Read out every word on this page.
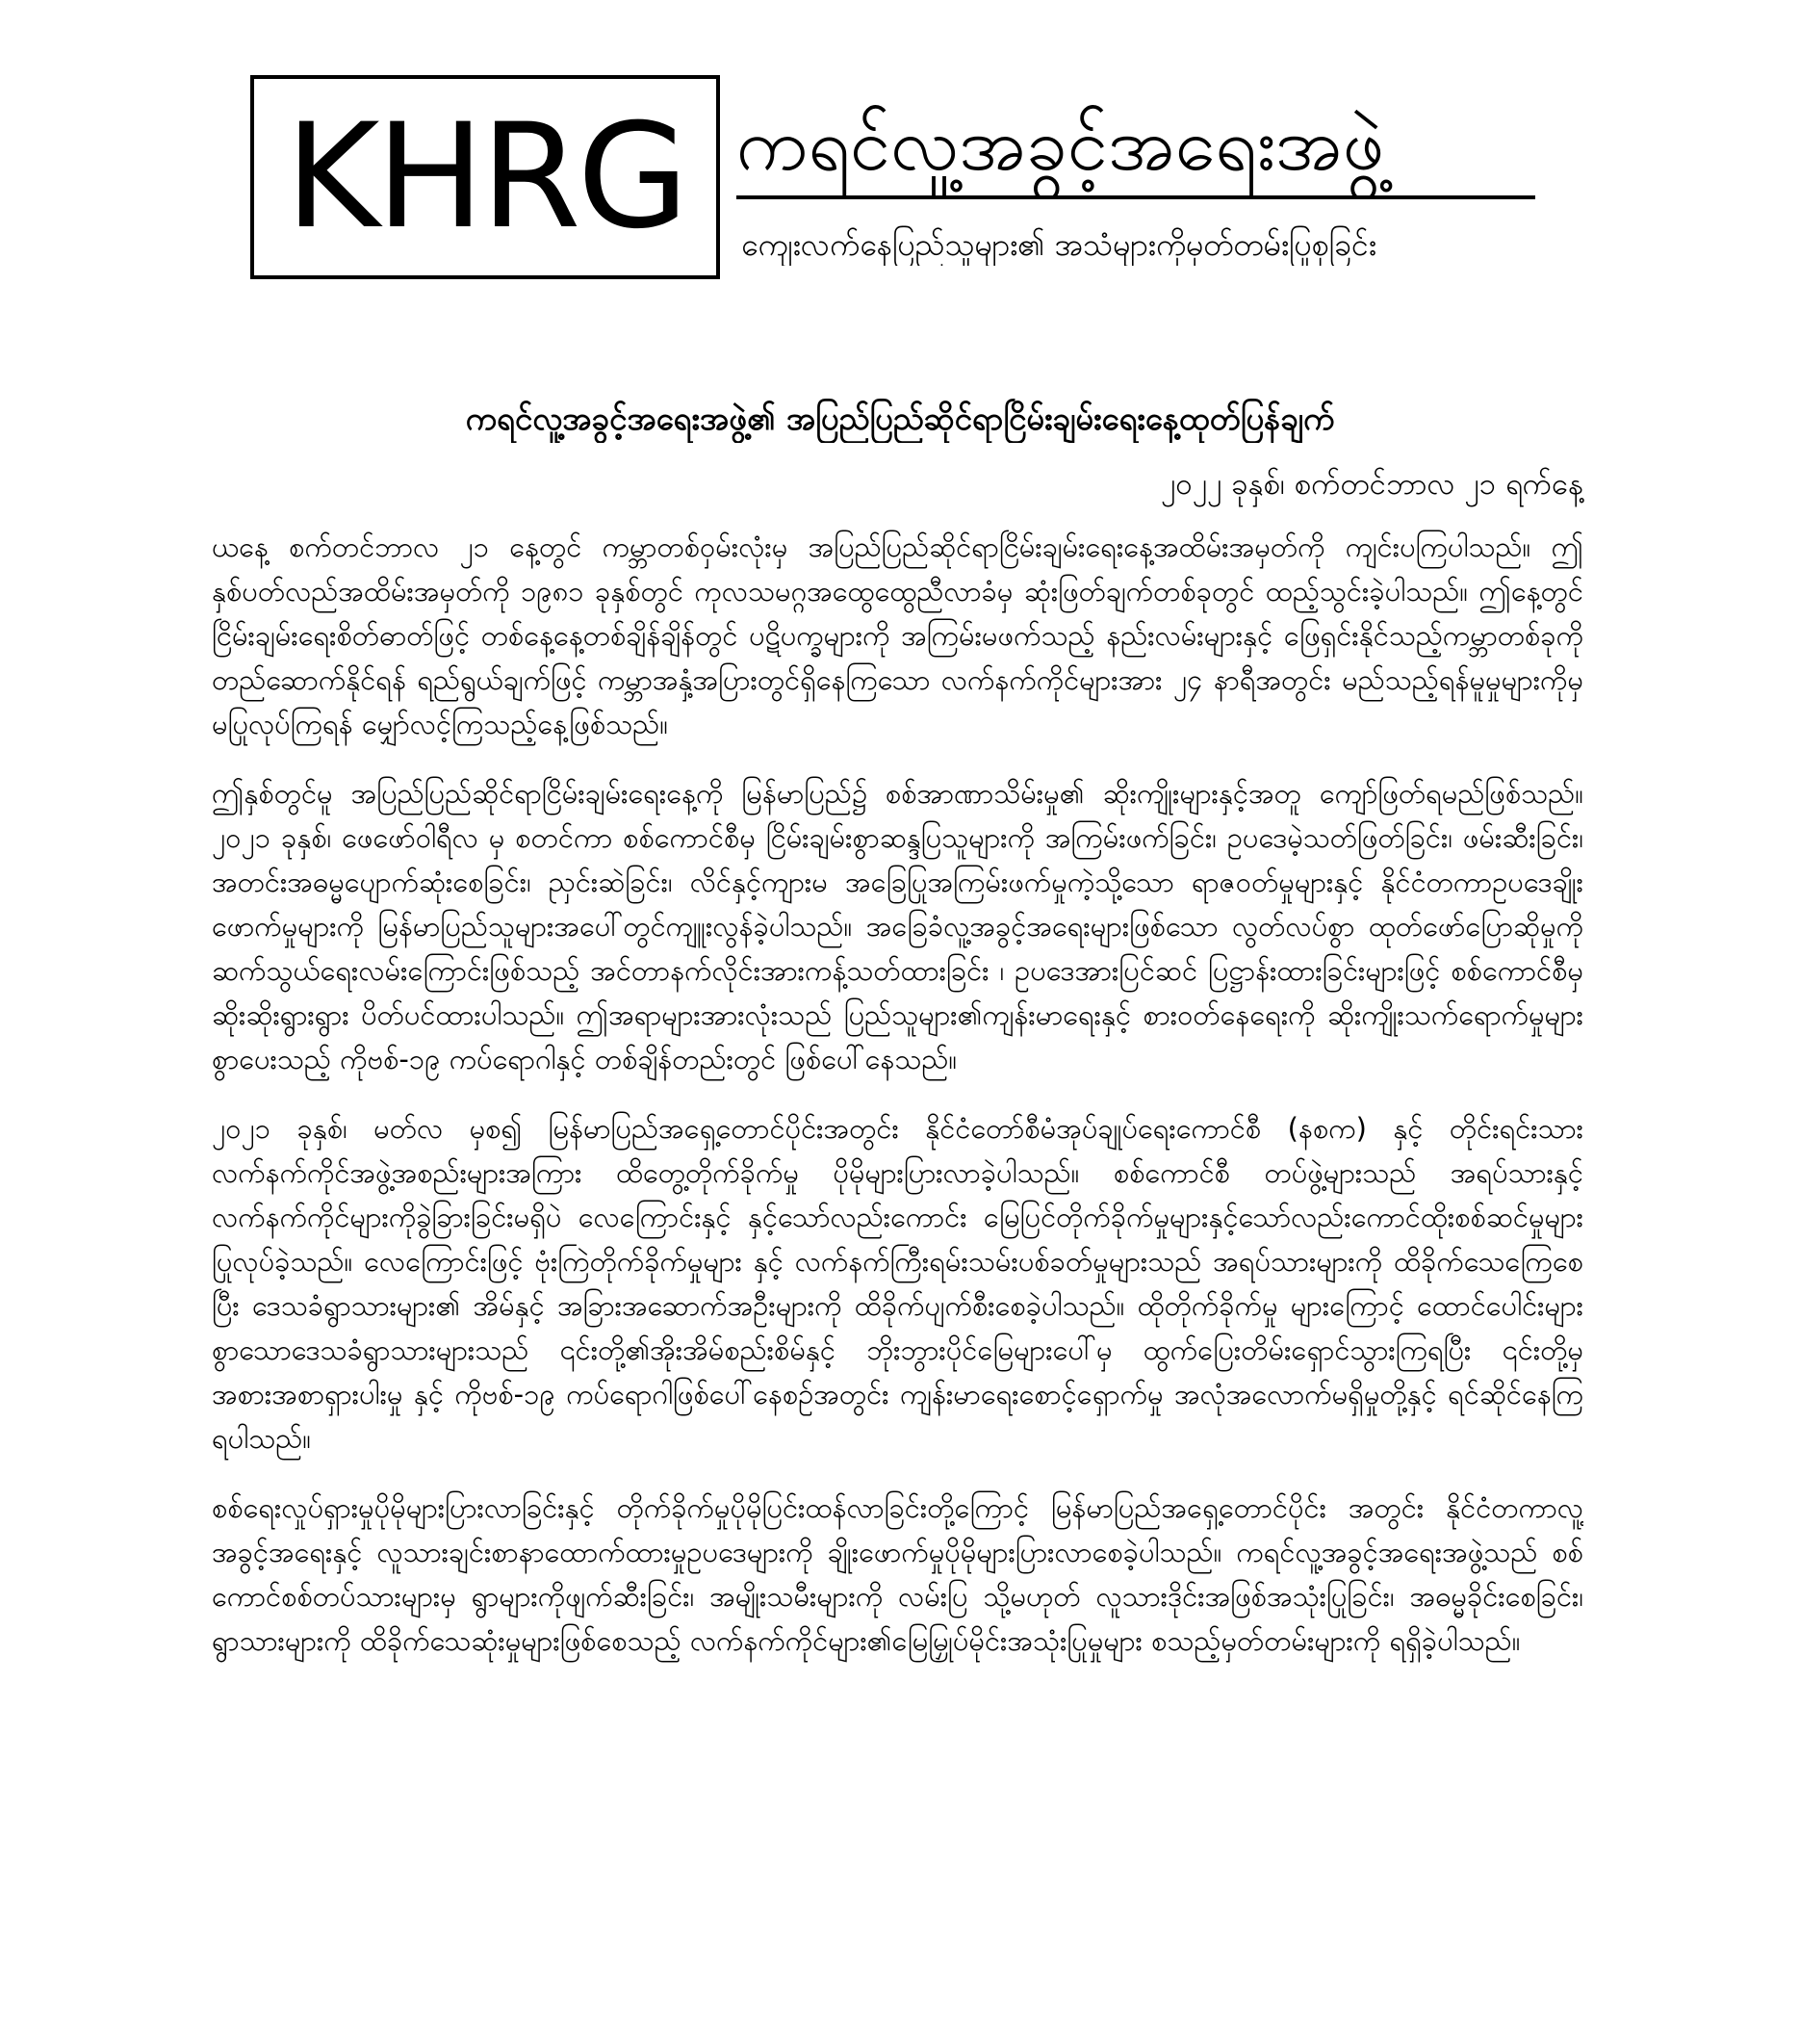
KHRG ကရင်လူ့အခွင့်အရေးအဖွဲ့
ကျေးလက်နေပြည်သူများ၏ အသံများကိုမှတ်တမ်းပြုစုခြင်း
ကရင်လူ့အခွင့်အရေးအဖွဲ့၏ အပြည်ပြည်ဆိုင်ရာငြိမ်းချမ်းရေးနေ့ထုတ်ပြန်ချက်
၂၀၂၂ ခုနှစ်၊ စက်တင်ဘာလ ၂၁ ရက်နေ့

ယနေ့ စက်တင်ဘာလ ၂၁ နေ့တွင် ကမ္ဘာတစ်ဝှမ်းလုံးမှ အပြည်ပြည်ဆိုင်ရာငြိမ်းချမ်းရေးနေ့အထိမ်းအမှတ်ကို ကျင်းပကြပါသည်။ ဤနှစ်ပတ်လည်အထိမ်းအမှတ်ကို ၁၉၈၁ ခုနှစ်တွင် ကုလသမဂ္ဂအထွေထွေညီလာခံမှ ဆုံးဖြတ်ချက်တစ်ခုတွင် ထည့်သွင်းခဲ့ပါသည်။ ဤနေ့တွင် ငြိမ်းချမ်းရေးစိတ်ဓာတ်ဖြင့် တစ်နေ့နေ့တစ်ချိန်ချိန်တွင် ပဋိပက္ခများကို အကြမ်းမဖက်သည့် နည်းလမ်းများနှင့် ဖြေရှင်းနိုင်သည့်ကမ္ဘာတစ်ခုကို တည်ဆောက်နိုင်ရန် ရည်ရွယ်ချက်ဖြင့် ကမ္ဘာအနှံ့အပြားတွင်ရှိနေကြသော လက်နက်ကိုင်များအား ၂၄ နာရီအတွင်း မည်သည့်ရန်မူမှုများကိုမှ မပြုလုပ်ကြရန် မျှော်လင့်ကြသည့်နေ့ဖြစ်သည်။

ဤနှစ်တွင်မူ အပြည်ပြည်ဆိုင်ရာငြိမ်းချမ်းရေးနေ့ကို မြန်မာပြည်၌ စစ်အာဏာသိမ်းမှု၏ ဆိုးကျိုးများနှင့်အတူ ကျော်ဖြတ်ရမည်ဖြစ်သည်။ ၂၀၂၁ ခုနှစ်၊ ဖေဖော်ဝါရီလ မှ စတင်ကာ စစ်ကောင်စီမှ ငြိမ်းချမ်းစွာဆန္ဒပြသူများကို အကြမ်းဖက်ခြင်း၊ ဥပဒေမဲ့သတ်ဖြတ်ခြင်း၊ ဖမ်းဆီးခြင်း၊ အတင်းအဓမ္မပျောက်ဆုံးစေခြင်း၊ ညှင်းဆဲခြင်း၊ လိင်နှင့်ကျားမ အခြေပြုအကြမ်းဖက်မှုကဲ့သို့သော ရာဇဝတ်မှုများနှင့် နိုင်ငံတကာဥပဒေချိုးဖောက်မှုများကို မြန်မာပြည်သူများအပေါ်တွင်ကျူးလွန်ခဲ့ပါသည်။ အခြေခံလူ့အခွင့်အရေးများဖြစ်သော လွတ်လပ်စွာ ထုတ်ဖော်ပြောဆိုမှုကို ဆက်သွယ်ရေးလမ်းကြောင်းဖြစ်သည့် အင်တာနက်လိုင်းအားကန့်သတ်ထားခြင်း ၊ ဥပဒေအားပြင်ဆင် ပြဋ္ဌာန်းထားခြင်းများဖြင့် စစ်ကောင်စီမှ ဆိုးဆိုးရွားရွား ပိတ်ပင်ထားပါသည်။ ဤအရာများအားလုံးသည် ပြည်သူများ၏ကျန်းမာရေးနှင့် စားဝတ်နေရေးကို ဆိုးကျိုးသက်ရောက်မှုများ စွာပေးသည့် ကိုဗစ်-၁၉ ကပ်ရောဂါနှင့် တစ်ချိန်တည်းတွင် ဖြစ်ပေါ်နေသည်။

၂၀၂၁ ခုနှစ်၊ မတ်လ မှစ၍ မြန်မာပြည်အရှေ့တောင်ပိုင်းအတွင်း နိုင်ငံတော်စီမံအုပ်ချုပ်ရေးကောင်စီ (နစက) နှင့် တိုင်းရင်းသား လက်နက်ကိုင်အဖွဲ့အစည်းများအကြား ထိတွေ့တိုက်ခိုက်မှု ပိုမိုများပြားလာခဲ့ပါသည်။ စစ်ကောင်စီ တပ်ဖွဲ့များသည် အရပ်သားနှင့် လက်နက်ကိုင်များကိုခွဲခြားခြင်းမရှိပဲ လေကြောင်းနှင့် နှင့်သော်လည်းကောင်း မြေပြင်တိုက်ခိုက်မှုများနှင့်သော်လည်းကောင်ထိုးစစ်ဆင်မှုများ ပြုလုပ်ခဲ့သည်။ လေကြောင်းဖြင့် ဗုံးကြဲတိုက်ခိုက်မှုများ နှင့် လက်နက်ကြီးရမ်းသမ်းပစ်ခတ်မှုများသည် အရပ်သားများကို ထိခိုက်သေကြေစေပြီး ဒေသခံရွာသားများ၏ အိမ်နှင့် အခြားအဆောက်အဦးများကို ထိခိုက်ပျက်စီးစေခဲ့ပါသည်။ ထိုတိုက်ခိုက်မှု များကြောင့် ထောင်ပေါင်းများစွာသောဒေသခံရွာသားများသည် ၎င်းတို့၏အိုးအိမ်စည်းစိမ်နှင့် ဘိုးဘွားပိုင်မြေများပေါ်မှ ထွက်ပြေးတိမ်းရှောင်သွားကြရပြီး ၎င်းတို့မှ အစားအစာရှားပါးမှု နှင့် ကိုဗစ်-၁၉ ကပ်ရောဂါဖြစ်ပေါ်နေစဉ်အတွင်း ကျန်းမာရေးစောင့်ရှောက်မှု အလုံအလောက်မရှိမှုတို့နှင့် ရင်ဆိုင်နေကြရပါသည်။

စစ်ရေးလှုပ်ရှားမှုပိုမိုများပြားလာခြင်းနှင့် တိုက်ခိုက်မှုပိုမိုပြင်းထန်လာခြင်းတို့ကြောင့် မြန်မာပြည်အရှေ့တောင်ပိုင်း အတွင်း နိုင်ငံတကာလူ့အခွင့်အရေးနှင့် လူသားချင်းစာနာထောက်ထားမှုဥပဒေများကို ချိုးဖောက်မှုပိုမိုများပြားလာစေခဲ့ပါသည်။ ကရင်လူ့အခွင့်အရေးအဖွဲ့သည် စစ်ကောင်စစ်တပ်သားများမှ ရွာများကိုဖျက်ဆီးခြင်း၊ အမျိုးသမီးများကို လမ်းပြ သို့မဟုတ် လူသားဒိုင်းအဖြစ်အသုံးပြုခြင်း၊ အဓမ္မခိုင်းစေခြင်း၊ ရွာသားများကို ထိခိုက်သေဆုံးမှုများဖြစ်စေသည့် လက်နက်ကိုင်များ၏မြေမြှုပ်မိုင်းအသုံးပြုမှုများ စသည့်မှတ်တမ်းများကို ရရှိခဲ့ပါသည်။
